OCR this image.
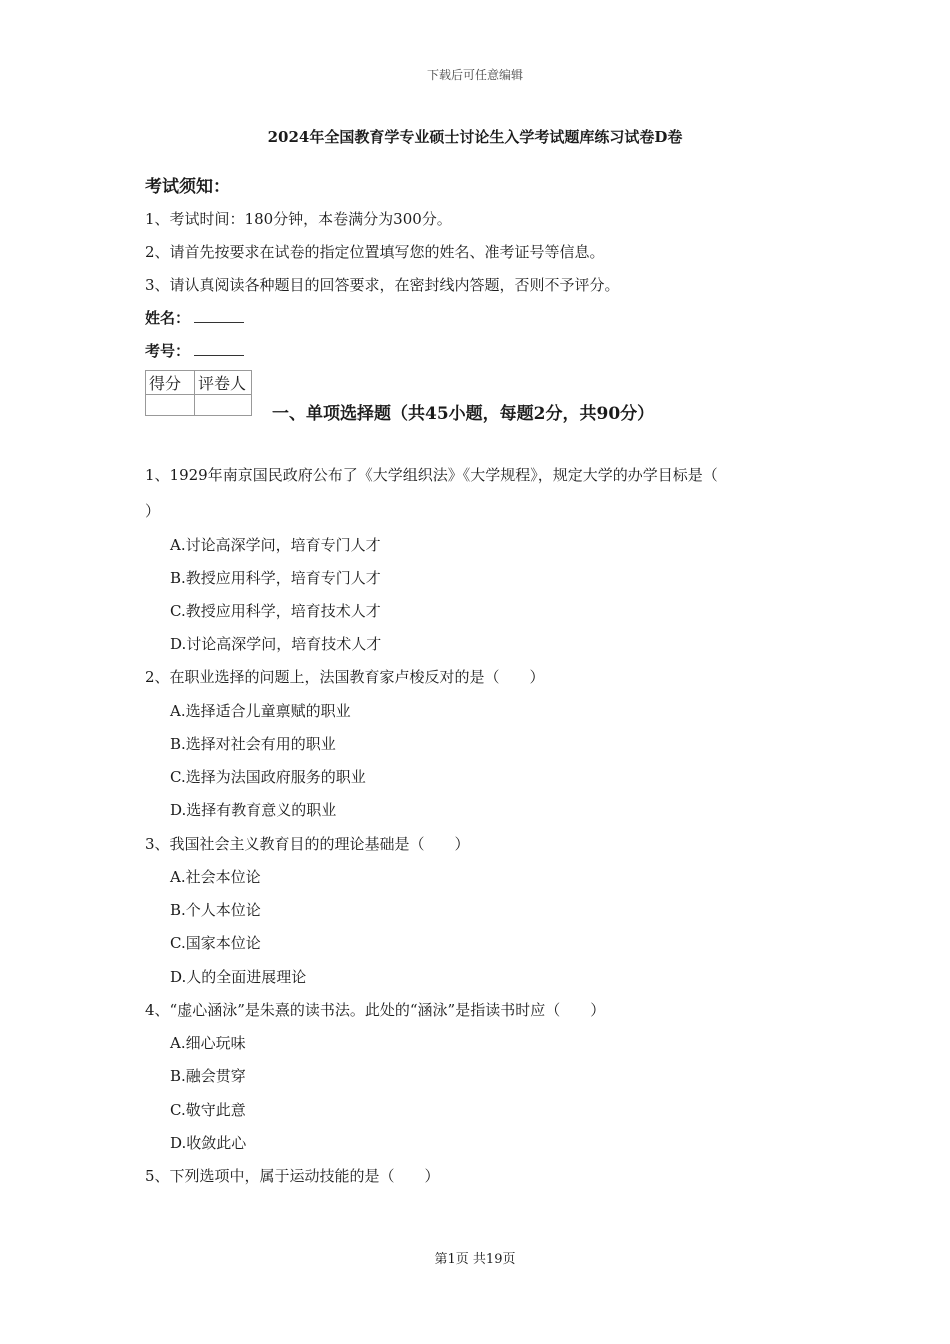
下载后可任意编辑
2024年全国教育学专业硕士讨论生入学考试题库练习试卷D卷
考试须知：
1、考试时间：180分钟，本卷满分为300分。
2、请首先按要求在试卷的指定位置填写您的姓名、准考证号等信息。
3、请认真阅读各种题目的回答要求，在密封线内答题，否则不予评分。
姓名：
考号：
得分	评卷人

一、单项选择题（共45小题，每题2分，共90分）
1、1929年南京国民政府公布了《大学组织法》《大学规程》，规定大学的办学目标是（
）
A.讨论高深学问，培育专门人才
B.教授应用科学，培育专门人才
C.教授应用科学，培育技术人才
D.讨论高深学问，培育技术人才
2、在职业选择的问题上，法国教育家卢梭反对的是（　　）
A.选择适合儿童禀赋的职业
B.选择对社会有用的职业
C.选择为法国政府服务的职业
D.选择有教育意义的职业
3、我国社会主义教育目的的理论基础是（　　）
A.社会本位论
B.个人本位论
C.国家本位论
D.人的全面进展理论
4、“虚心涵泳”是朱熹的读书法。此处的“涵泳”是指读书时应（　　）
A.细心玩味
B.融会贯穿
C.敬守此意
D.收敛此心
5、下列选项中，属于运动技能的是（　　）
第1页 共19页
